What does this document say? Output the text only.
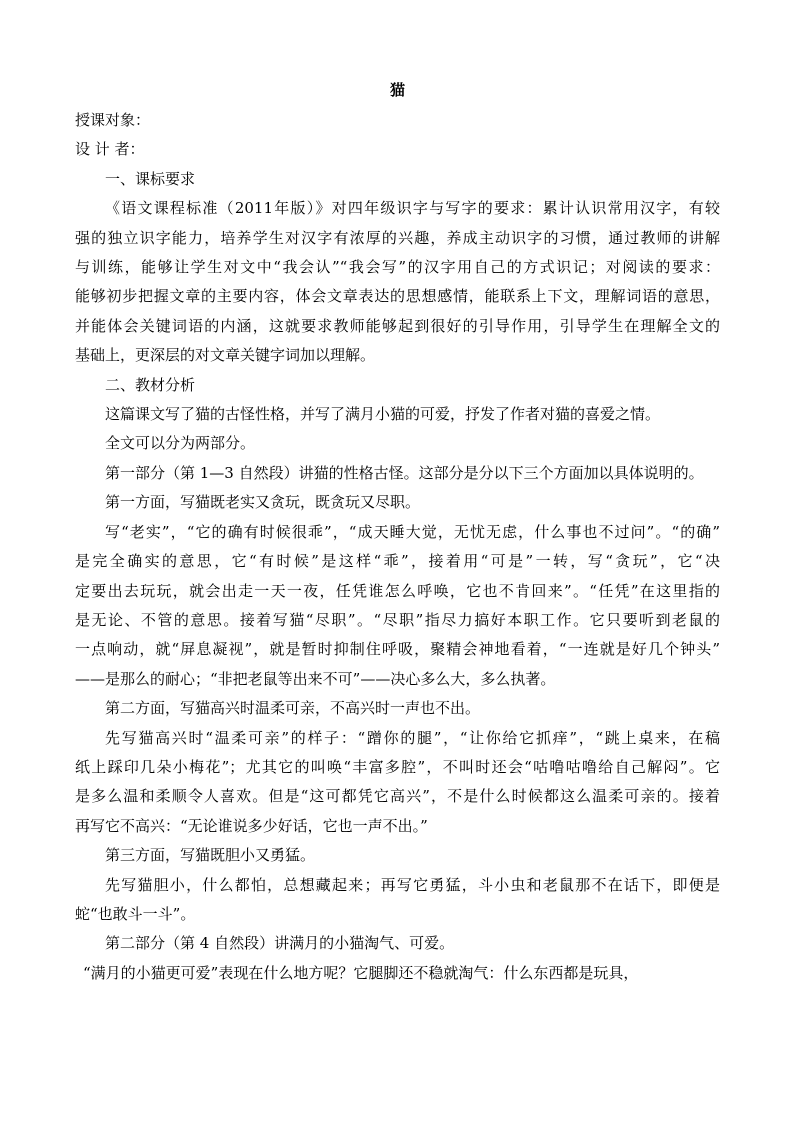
猫

授课对象：

设 计 者：

一、课标要求

《语文课程标准（2011年版）》对四年级识字与写字的要求：累计认识常用汉字，有较

强的独立识字能力，培养学生对汉字有浓厚的兴趣，养成主动识字的习惯，通过教师的讲解

与训练，能够让学生对文中“我会认”“我会写”的汉字用自己的方式识记；对阅读的要求：

能够初步把握文章的主要内容，体会文章表达的思想感情，能联系上下文，理解词语的意思，

并能体会关键词语的内涵，这就要求教师能够起到很好的引导作用，引导学生在理解全文的

基础上，更深层的对文章关键字词加以理解。

二、教材分析

这篇课文写了猫的古怪性格，并写了满月小猫的可爱，抒发了作者对猫的喜爱之情。

全文可以分为两部分。

第一部分（第 1—3 自然段）讲猫的性格古怪。这部分是分以下三个方面加以具体说明的。

第一方面，写猫既老实又贪玩，既贪玩又尽职。

写“老实”，“它的确有时候很乖”，“成天睡大觉，无忧无虑，什么事也不过问”。“的确”

是完全确实的意思，它“有时候”是这样“乖”，接着用“可是”一转，写“贪玩”，它“决

定要出去玩玩，就会出走一天一夜，任凭谁怎么呼唤，它也不肯回来”。“任凭”在这里指的

是无论、不管的意思。接着写猫“尽职”。“尽职”指尽力搞好本职工作。它只要听到老鼠的

一点响动，就“屏息凝视”，就是暂时抑制住呼吸，聚精会神地看着，“一连就是好几个钟头”

——是那么的耐心；“非把老鼠等出来不可”——决心多么大，多么执著。

第二方面，写猫高兴时温柔可亲，不高兴时一声也不出。

先写猫高兴时“温柔可亲”的样子：“蹭你的腿”，“让你给它抓痒”，“跳上桌来，在稿

纸上踩印几朵小梅花”；尤其它的叫唤“丰富多腔”，不叫时还会“咕噜咕噜给自己解闷”。它

是多么温和柔顺令人喜欢。但是“这可都凭它高兴”，不是什么时候都这么温柔可亲的。接着

再写它不高兴：“无论谁说多少好话，它也一声不出。”

第三方面，写猫既胆小又勇猛。

先写猫胆小，什么都怕，总想藏起来；再写它勇猛，斗小虫和老鼠那不在话下，即便是

蛇“也敢斗一斗”。

第二部分（第 4 自然段）讲满月的小猫淘气、可爱。

“满月的小猫更可爱”表现在什么地方呢？它腿脚还不稳就淘气：什么东西都是玩具，
